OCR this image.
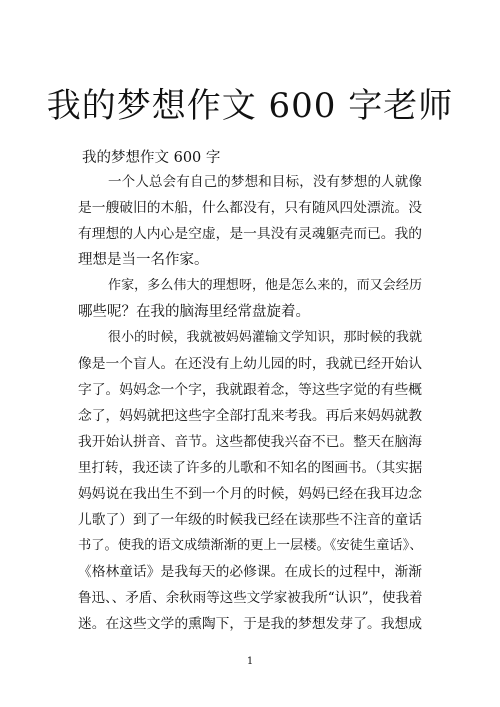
我的梦想作文 600 字老师
我的梦想作文 600 字
一个人总会有自己的梦想和目标，没有梦想的人就像
是一艘破旧的木船，什么都没有，只有随风四处漂流。没
有理想的人内心是空虚，是一具没有灵魂躯壳而已。我的
理想是当一名作家。
作家，多么伟大的理想呀，他是怎么来的，而又会经历
哪些呢？在我的脑海里经常盘旋着。
很小的时候，我就被妈妈灌输文学知识，那时候的我就
像是一个盲人。在还没有上幼儿园的时，我就已经开始认
字了。妈妈念一个字，我就跟着念，等这些字觉的有些概
念了，妈妈就把这些字全部打乱来考我。再后来妈妈就教
我开始认拼音、音节。这些都使我兴奋不已。整天在脑海
里打转，我还读了许多的儿歌和不知名的图画书。（其实据
妈妈说在我出生不到一个月的时候，妈妈已经在我耳边念
儿歌了）到了一年级的时候我已经在读那些不注音的童话
书了。使我的语文成绩渐渐的更上一层楼。《安徒生童话》、
《格林童话》是我每天的必修课。在成长的过程中，渐渐
鲁迅、、矛盾、余秋雨等这些文学家被我所“认识”，使我着
迷。在这些文学的熏陶下，于是我的梦想发芽了。我想成
1
